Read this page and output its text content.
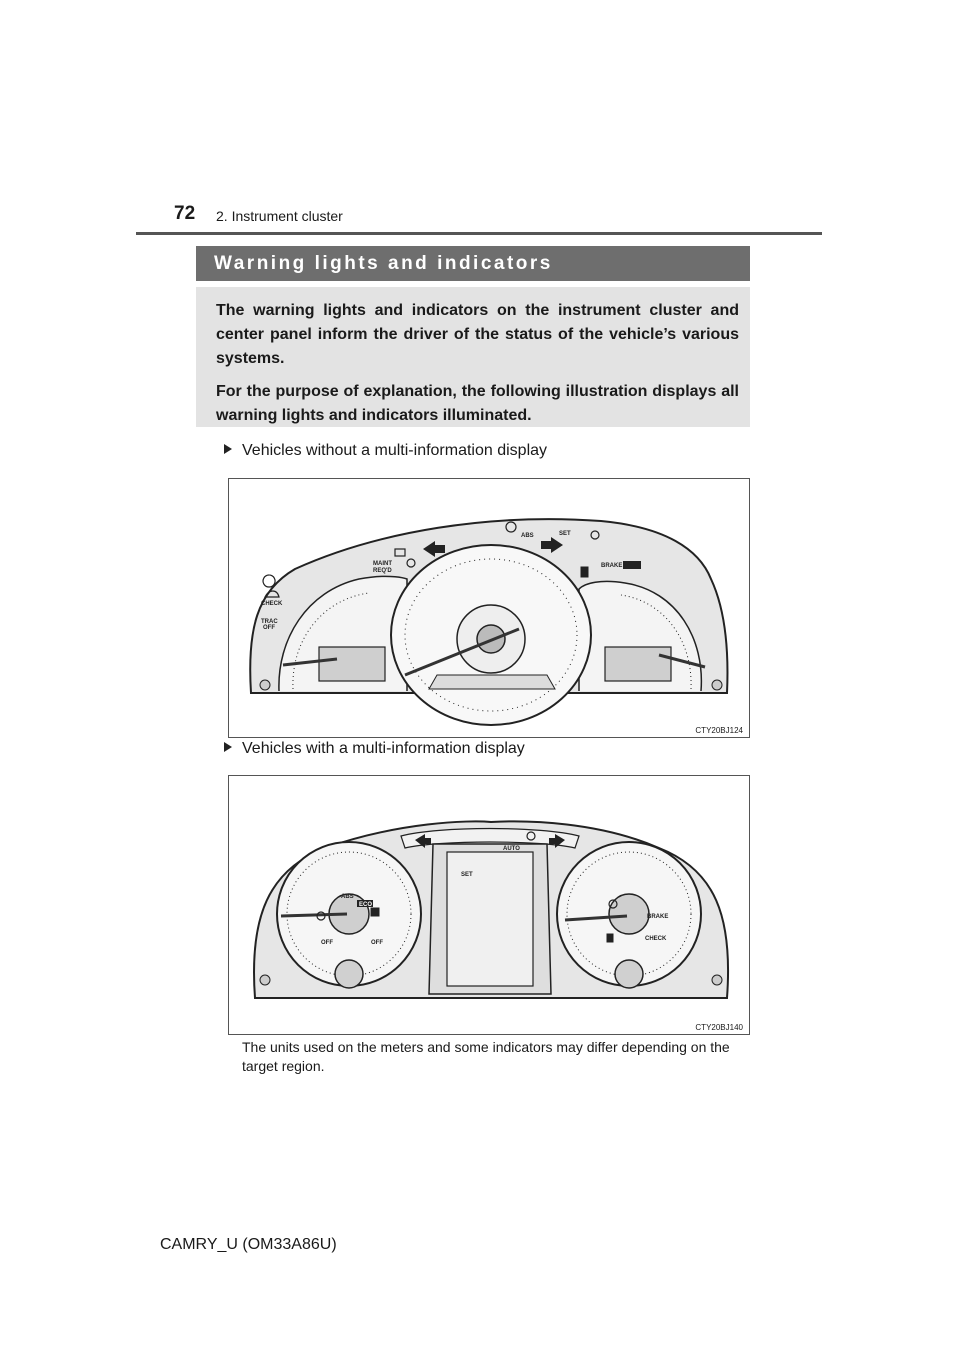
72 2. Instrument cluster
Warning lights and indicators

The warning lights and indicators on the instrument cluster and center panel inform the driver of the status of the vehicle’s various systems.

For the purpose of explanation, the following illustration displays all warning lights and indicators illuminated.

Vehicles without a multi-information display
ABS	SET
MAINT
REQ'D
BRAKE
CHECK
TRAC
OFF
CTY20BJ124
Vehicles with a multi-information display
ABS
ECO
AUTO
SET
OFF	OFF
BRAKE
CHECK
CTY20BJ140
The units used on the meters and some indicators may differ depending on the target region.
CAMRY_U (OM33A86U)
